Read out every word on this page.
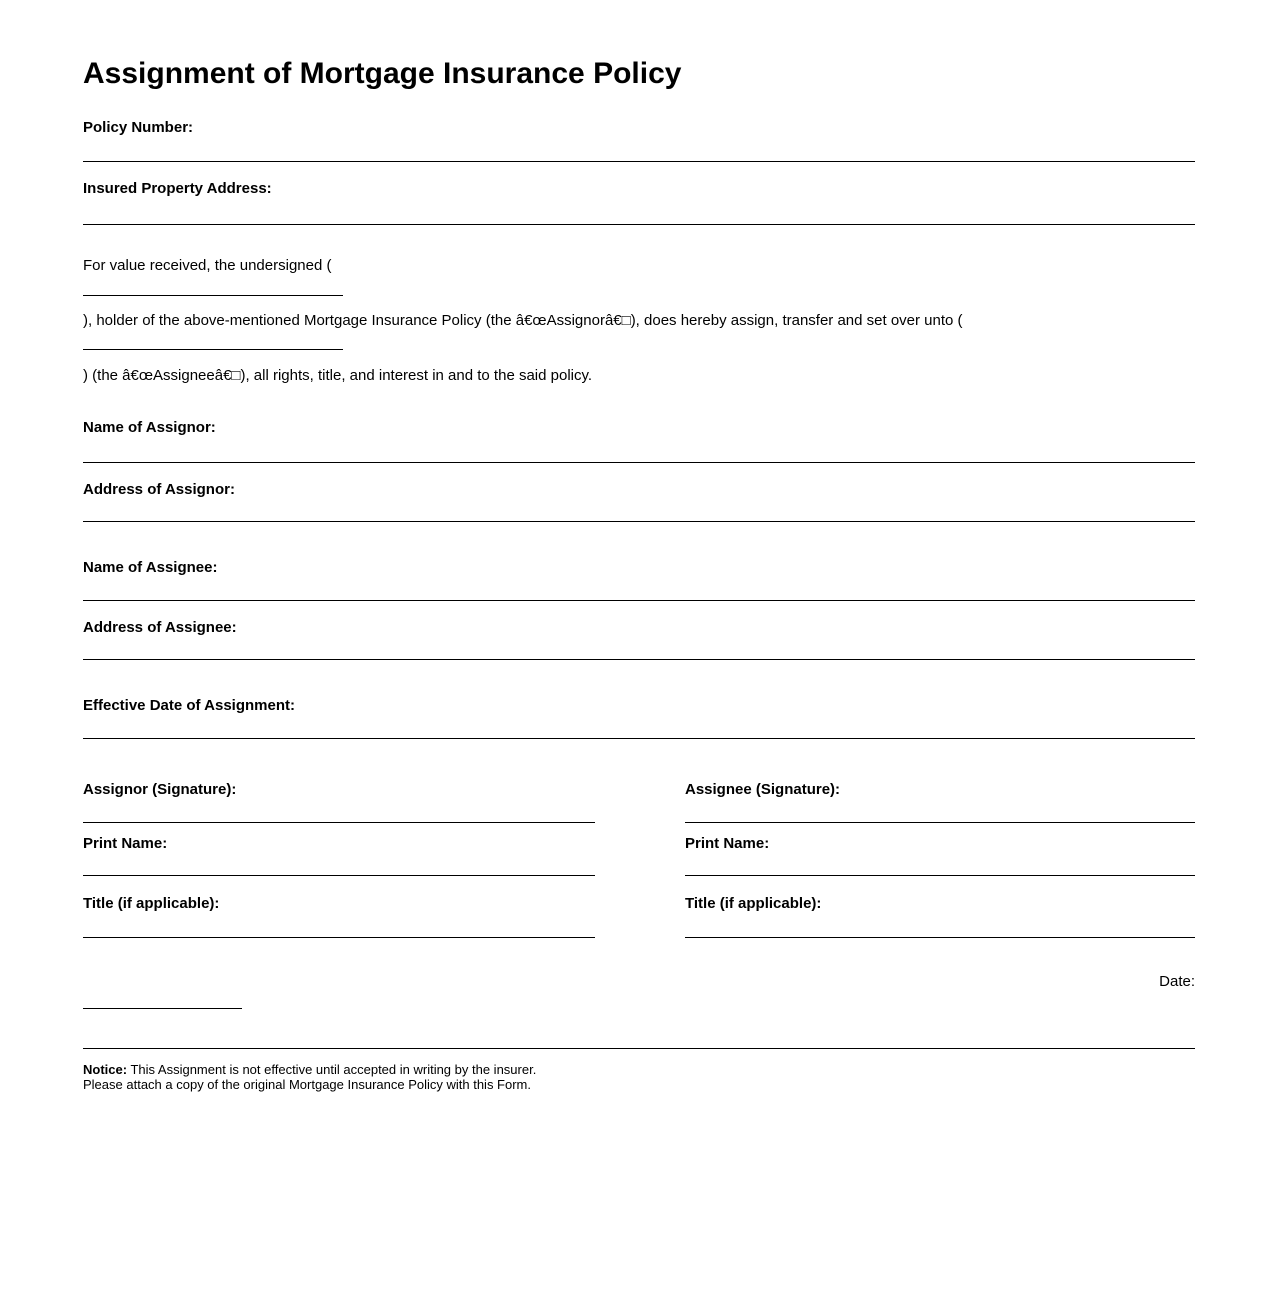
Assignment of Mortgage Insurance Policy
Policy Number:
Insured Property Address:
For value received, the undersigned (
), holder of the above-mentioned Mortgage Insurance Policy (the â€œAssignorâ€□), does hereby assign, transfer and set over unto (
) (the â€œAssigneeâ€□), all rights, title, and interest in and to the said policy.
Name of Assignor:
Address of Assignor:
Name of Assignee:
Address of Assignee:
Effective Date of Assignment:
Assignor (Signature):
Print Name:
Title (if applicable):
Assignee (Signature):
Print Name:
Title (if applicable):
Date:
Notice: This Assignment is not effective until accepted in writing by the insurer.
Please attach a copy of the original Mortgage Insurance Policy with this Form.
